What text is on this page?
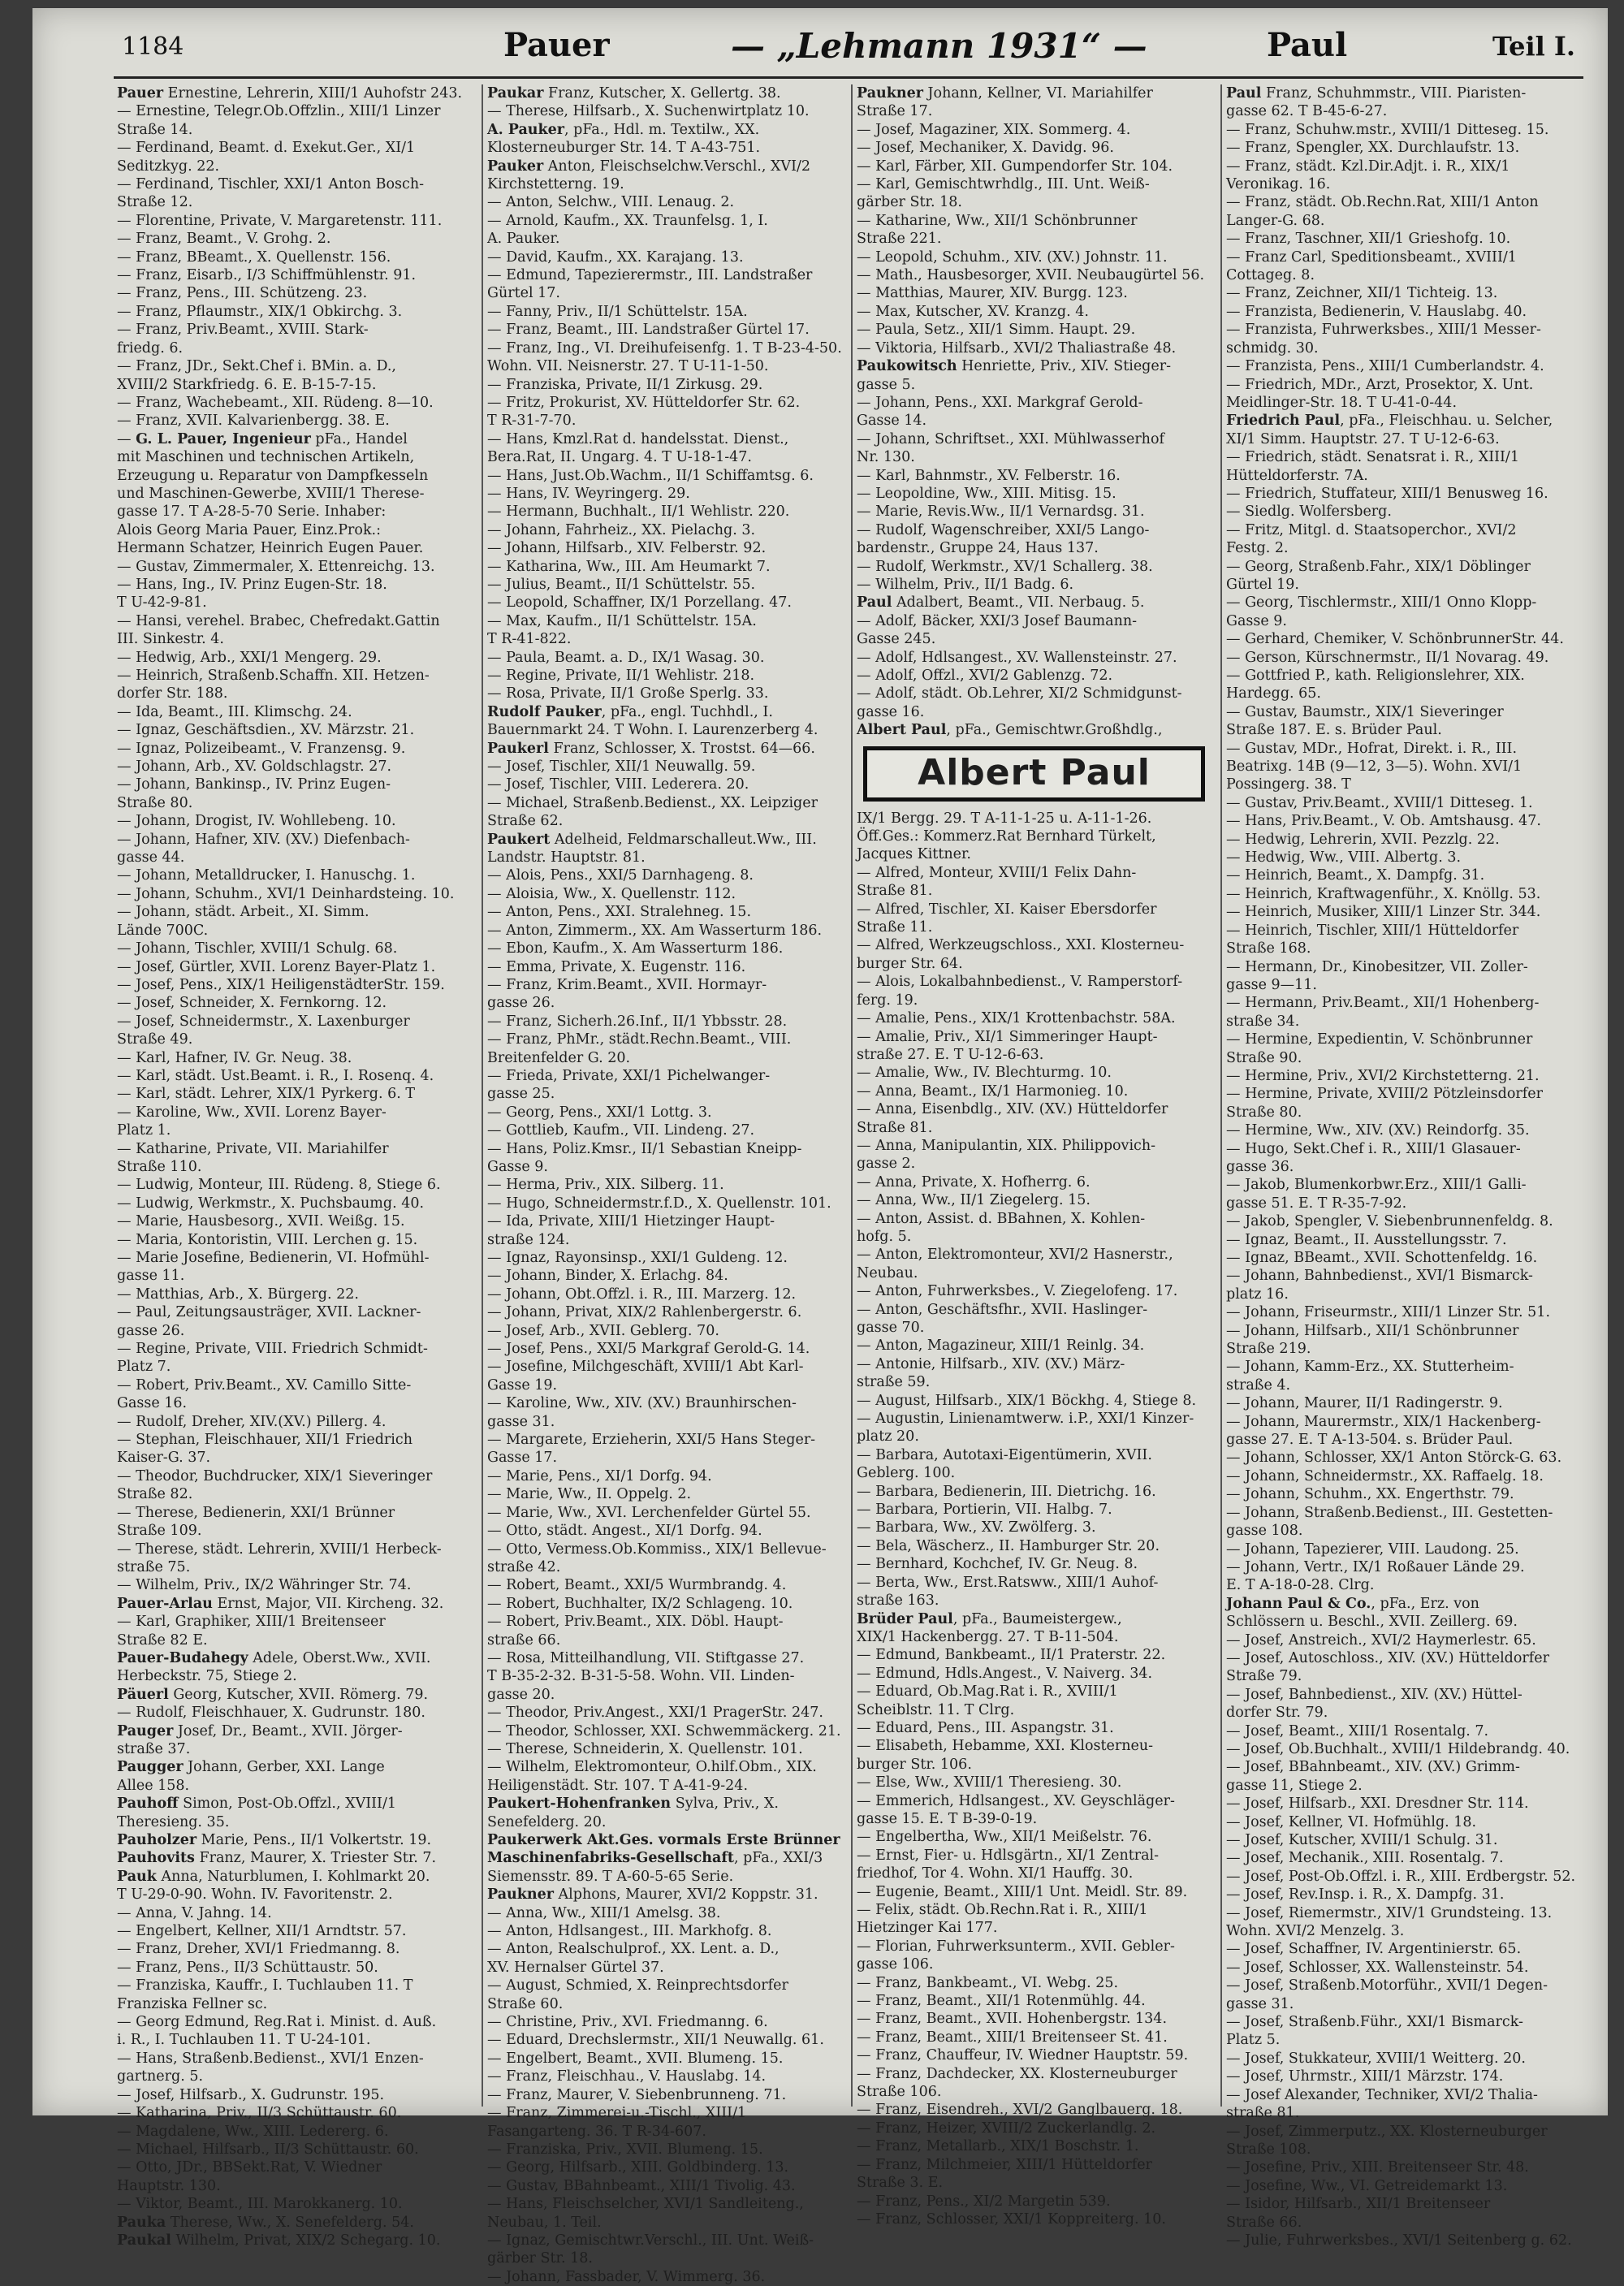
1184	Pauer	— „Lehmann 1931“ —	Paul	Teil I.
Pauer Ernestine, Lehrerin, XIII/1 Auhofstr 243.
— Ernestine, Telegr.Ob.Offzlin., XIII/1 Linzer
Straße 14.
— Ferdinand, Beamt. d. Exekut.Ger., XI/1
Seditzkyg. 22.
— Ferdinand, Tischler, XXI/1 Anton Bosch-
Straße 12.
— Florentine, Private, V. Margaretenstr. 111.
— Franz, Beamt., V. Grohg. 2.
— Franz, BBeamt., X. Quellenstr. 156.
— Franz, Eisarb., I/3 Schiffmühlenstr. 91.
— Franz, Pens., III. Schützeng. 23.
— Franz, Pflaumstr., XIX/1 Obkirchg. 3.
— Franz, Priv.Beamt., XVIII. Stark-
friedg. 6.
— Franz, JDr., Sekt.Chef i. BMin. a. D.,
XVIII/2 Starkfriedg. 6. E. B-15-7-15.
— Franz, Wachebeamt., XII. Rüdeng. 8—10.
— Franz, XVII. Kalvarienbergg. 38. E.
— G. L. Pauer, Ingenieur pFa., Handel
mit Maschinen und technischen Artikeln,
Erzeugung u. Reparatur von Dampfkesseln
und Maschinen-Gewerbe, XVIII/1 Therese-
gasse 17. T A-28-5-70 Serie. Inhaber:
Alois Georg Maria Pauer, Einz.Prok.:
Hermann Schatzer, Heinrich Eugen Pauer.
— Gustav, Zimmermaler, X. Ettenreichg. 13.
— Hans, Ing., IV. Prinz Eugen-Str. 18.
T U-42-9-81.
— Hansi, verehel. Brabec, Chefredakt.Gattin
III. Sinkestr. 4.
— Hedwig, Arb., XXI/1 Mengerg. 29.
— Heinrich, Straßenb.Schaffn. XII. Hetzen-
dorfer Str. 188.
— Ida, Beamt., III. Klimschg. 24.
— Ignaz, Geschäftsdien., XV. Märzstr. 21.
— Ignaz, Polizeibeamt., V. Franzensg. 9.
— Johann, Arb., XV. Goldschlagstr. 27.
— Johann, Bankinsp., IV. Prinz Eugen-
Straße 80.
— Johann, Drogist, IV. Wohllebeng. 10.
— Johann, Hafner, XIV. (XV.) Diefenbach-
gasse 44.
— Johann, Metalldrucker, I. Hanuschg. 1.
— Johann, Schuhm., XVI/1 Deinhardsteing. 10.
— Johann, städt. Arbeit., XI. Simm.
Lände 700C.
— Johann, Tischler, XVIII/1 Schulg. 68.
— Josef, Gürtler, XVII. Lorenz Bayer-Platz 1.
— Josef, Pens., XIX/1 HeiligenstädterStr. 159.
— Josef, Schneider, X. Fernkorng. 12.
— Josef, Schneidermstr., X. Laxenburger
Straße 49.
— Karl, Hafner, IV. Gr. Neug. 38.
— Karl, städt. Ust.Beamt. i. R., I. Rosenq. 4.
— Karl, städt. Lehrer, XIX/1 Pyrkerg. 6. T
— Karoline, Ww., XVII. Lorenz Bayer-
Platz 1.
— Katharine, Private, VII. Mariahilfer
Straße 110.
— Ludwig, Monteur, III. Rüdeng. 8, Stiege 6.
— Ludwig, Werkmstr., X. Puchsbaumg. 40.
— Marie, Hausbesorg., XVII. Weißg. 15.
— Maria, Kontoristin, VIII. Lerchen g. 15.
— Marie Josefine, Bedienerin, VI. Hofmühl-
gasse 11.
— Matthias, Arb., X. Bürgerg. 22.
— Paul, Zeitungsausträger, XVII. Lackner-
gasse 26.
— Regine, Private, VIII. Friedrich Schmidt-
Platz 7.
— Robert, Priv.Beamt., XV. Camillo Sitte-
Gasse 16.
— Rudolf, Dreher, XIV.(XV.) Pillerg. 4.
— Stephan, Fleischhauer, XII/1 Friedrich
Kaiser-G. 37.
— Theodor, Buchdrucker, XIX/1 Sieveringer
Straße 82.
— Therese, Bedienerin, XXI/1 Brünner
Straße 109.
— Therese, städt. Lehrerin, XVIII/1 Herbeck-
straße 75.
— Wilhelm, Priv., IX/2 Währinger Str. 74.
Pauer-Arlau Ernst, Major, VII. Kircheng. 32.
— Karl, Graphiker, XIII/1 Breitenseer
Straße 82 E.
Pauer-Budahegy Adele, Oberst.Ww., XVII.
Herbeckstr. 75, Stiege 2.
Päuerl Georg, Kutscher, XVII. Römerg. 79.
— Rudolf, Fleischhauer, X. Gudrunstr. 180.
Pauger Josef, Dr., Beamt., XVII. Jörger-
straße 37.
Paugger Johann, Gerber, XXI. Lange
Allee 158.
Pauhoff Simon, Post-Ob.Offzl., XVIII/1
Theresieng. 35.
Pauholzer Marie, Pens., II/1 Volkertstr. 19.
Pauhovits Franz, Maurer, X. Triester Str. 7.
Pauk Anna, Naturblumen, I. Kohlmarkt 20.
T U-29-0-90. Wohn. IV. Favoritenstr. 2.
— Anna, V. Jahng. 14.
— Engelbert, Kellner, XII/1 Arndtstr. 57.
— Franz, Dreher, XVI/1 Friedmanng. 8.
— Franz, Pens., II/3 Schüttaustr. 50.
— Franziska, Kauffr., I. Tuchlauben 11. T
Franziska Fellner sc.
— Georg Edmund, Reg.Rat i. Minist. d. Auß.
i. R., I. Tuchlauben 11. T U-24-101.
— Hans, Straßenb.Bedienst., XVI/1 Enzen-
gartnerg. 5.
— Josef, Hilfsarb., X. Gudrunstr. 195.
— Katharina, Priv., II/3 Schüttaustr. 60.
— Magdalene, Ww., XIII. Ledererg. 6.
— Michael, Hilfsarb., II/3 Schüttaustr. 60.
— Otto, JDr., BBSekt.Rat, V. Wiedner
Hauptstr. 130.
— Viktor, Beamt., III. Marokkanerg. 10.
Pauka Therese, Ww., X. Senefelderg. 54.
Paukal Wilhelm, Privat, XIX/2 Schegarg. 10.
Paukar Franz, Kutscher, X. Gellertg. 38.
— Therese, Hilfsarb., X. Suchenwirtplatz 10.
A. Pauker, pFa., Hdl. m. Textilw., XX.
Klosterneuburger Str. 14. T A-43-751.
Pauker Anton, Fleischselchw.Verschl., XVI/2
Kirchstetterng. 19.
— Anton, Selchw., VIII. Lenaug. 2.
— Arnold, Kaufm., XX. Traunfelsg. 1, I.
A. Pauker.
— David, Kaufm., XX. Karajang. 13.
— Edmund, Tapezierermstr., III. Landstraßer
Gürtel 17.
— Fanny, Priv., II/1 Schüttelstr. 15A.
— Franz, Beamt., III. Landstraßer Gürtel 17.
— Franz, Ing., VI. Dreihufeisenfg. 1. T B-23-4-50.
Wohn. VII. Neisnerstr. 27. T U-11-1-50.
— Franziska, Private, II/1 Zirkusg. 29.
— Fritz, Prokurist, XV. Hütteldorfer Str. 62.
T R-31-7-70.
— Hans, Kmzl.Rat d. handelsstat. Dienst.,
Bera.Rat, II. Ungarg. 4. T U-18-1-47.
— Hans, Just.Ob.Wachm., II/1 Schiffamtsg. 6.
— Hans, IV. Weyringerg. 29.
— Hermann, Buchhalt., II/1 Wehlistr. 220.
— Johann, Fahrheiz., XX. Pielachg. 3.
— Johann, Hilfsarb., XIV. Felberstr. 92.
— Katharina, Ww., III. Am Heumarkt 7.
— Julius, Beamt., II/1 Schüttelstr. 55.
— Leopold, Schaffner, IX/1 Porzellang. 47.
— Max, Kaufm., II/1 Schüttelstr. 15A.
T R-41-822.
— Paula, Beamt. a. D., IX/1 Wasag. 30.
— Regine, Private, II/1 Wehlistr. 218.
— Rosa, Private, II/1 Große Sperlg. 33.
Rudolf Pauker, pFa., engl. Tuchhdl., I.
Bauernmarkt 24. T Wohn. I. Laurenzerberg 4.
Paukerl Franz, Schlosser, X. Trostst. 64—66.
— Josef, Tischler, XII/1 Neuwallg. 59.
— Josef, Tischler, VIII. Lederera. 20.
— Michael, Straßenb.Bedienst., XX. Leipziger
Straße 62.
Paukert Adelheid, Feldmarschalleut.Ww., III.
Landstr. Hauptstr. 81.
— Alois, Pens., XXI/5 Darnhageng. 8.
— Aloisia, Ww., X. Quellenstr. 112.
— Anton, Pens., XXI. Stralehneg. 15.
— Anton, Zimmerm., XX. Am Wasserturm 186.
— Ebon, Kaufm., X. Am Wasserturm 186.
— Emma, Private, X. Eugenstr. 116.
— Franz, Krim.Beamt., XVII. Hormayr-
gasse 26.
— Franz, Sicherh.26.Inf., II/1 Ybbsstr. 28.
— Franz, PhMr., städt.Rechn.Beamt., VIII.
Breitenfelder G. 20.
— Frieda, Private, XXI/1 Pichelwanger-
gasse 25.
— Georg, Pens., XXI/1 Lottg. 3.
— Gottlieb, Kaufm., VII. Lindeng. 27.
— Hans, Poliz.Kmsr., II/1 Sebastian Kneipp-
Gasse 9.
— Herma, Priv., XIX. Silberg. 11.
— Hugo, Schneidermstr.f.D., X. Quellenstr. 101.
— Ida, Private, XIII/1 Hietzinger Haupt-
straße 124.
— Ignaz, Rayonsinsp., XXI/1 Guldeng. 12.
— Johann, Binder, X. Erlachg. 84.
— Johann, Obt.Offzl. i. R., III. Marzerg. 12.
— Johann, Privat, XIX/2 Rahlenbergerstr. 6.
— Josef, Arb., XVII. Geblerg. 70.
— Josef, Pens., XXI/5 Markgraf Gerold-G. 14.
— Josefine, Milchgeschäft, XVIII/1 Abt Karl-
Gasse 19.
— Karoline, Ww., XIV. (XV.) Braunhirschen-
gasse 31.
— Margarete, Erzieherin, XXI/5 Hans Steger-
Gasse 17.
— Marie, Pens., XI/1 Dorfg. 94.
— Marie, Ww., II. Oppelg. 2.
— Marie, Ww., XVI. Lerchenfelder Gürtel 55.
— Otto, städt. Angest., XI/1 Dorfg. 94.
— Otto, Vermess.Ob.Kommiss., XIX/1 Bellevue-
straße 42.
— Robert, Beamt., XXI/5 Wurmbrandg. 4.
— Robert, Buchhalter, IX/2 Schlageng. 10.
— Robert, Priv.Beamt., XIX. Döbl. Haupt-
straße 66.
— Rosa, Mitteilhandlung, VII. Stiftgasse 27.
T B-35-2-32. B-31-5-58. Wohn. VII. Linden-
gasse 20.
— Theodor, Priv.Angest., XXI/1 PragerStr. 247.
— Theodor, Schlosser, XXI. Schwemmäckerg. 21.
— Therese, Schneiderin, X. Quellenstr. 101.
— Wilhelm, Elektromonteur, O.hilf.Obm., XIX.
Heiligenstädt. Str. 107. T A-41-9-24.
Paukert-Hohenfranken Sylva, Priv., X.
Senefelderg. 20.
Paukerwerk Akt.Ges. vormals Erste Brünner
Maschinenfabriks-Gesellschaft, pFa., XXI/3
Siemensstr. 89. T A-60-5-65 Serie.
Paukner Alphons, Maurer, XVI/2 Koppstr. 31.
— Anna, Ww., XIII/1 Amelsg. 38.
— Anton, Hdlsangest., III. Markhofg. 8.
— Anton, Realschulprof., XX. Lent. a. D.,
XV. Hernalser Gürtel 37.
— August, Schmied, X. Reinprechtsdorfer
Straße 60.
— Christine, Priv., XVI. Friedmanng. 6.
— Eduard, Drechslermstr., XII/1 Neuwallg. 61.
— Engelbert, Beamt., XVII. Blumeng. 15.
— Franz, Fleischhau., V. Hauslabg. 14.
— Franz, Maurer, V. Siebenbrunneng. 71.
— Franz, Zimmerei-u.-Tischl., XIII/1
Fasangarteng. 36. T R-34-607.
— Franziska, Priv., XVII. Blumeng. 15.
— Georg, Hilfsarb., XIII. Goldbinderg. 13.
— Gustav, BBahnbeamt., XIII/1 Tivolig. 43.
— Hans, Fleischselcher, XVI/1 Sandleiteng.,
Neubau, 1. Teil.
— Ignaz, Gemischtwr.Verschl., III. Unt. Weiß-
gärber Str. 18.
— Johann, Fassbader, V. Wimmerg. 36.
Paukner Johann, Kellner, VI. Mariahilfer
Straße 17.
— Josef, Magaziner, XIX. Sommerg. 4.
— Josef, Mechaniker, X. Davidg. 96.
— Karl, Färber, XII. Gumpendorfer Str. 104.
— Karl, Gemischtwrhdlg., III. Unt. Weiß-
gärber Str. 18.
— Katharine, Ww., XII/1 Schönbrunner
Straße 221.
— Leopold, Schuhm., XIV. (XV.) Johnstr. 11.
— Math., Hausbesorger, XVII. Neubaugürtel 56.
— Matthias, Maurer, XIV. Burgg. 123.
— Max, Kutscher, XV. Kranzg. 4.
— Paula, Setz., XII/1 Simm. Haupt. 29.
— Viktoria, Hilfsarb., XVI/2 Thaliastraße 48.
Paukowitsch Henriette, Priv., XIV. Stieger-
gasse 5.
— Johann, Pens., XXI. Markgraf Gerold-
Gasse 14.
— Johann, Schriftset., XXI. Mühlwasserhof
Nr. 130.
— Karl, Bahnmstr., XV. Felberstr. 16.
— Leopoldine, Ww., XIII. Mitisg. 15.
— Marie, Revis.Ww., II/1 Vernardsg. 31.
— Rudolf, Wagenschreiber, XXI/5 Lango-
bardenstr., Gruppe 24, Haus 137.
— Rudolf, Werkmstr., XV/1 Schallerg. 38.
— Wilhelm, Priv., II/1 Badg. 6.
Paul Adalbert, Beamt., VII. Nerbaug. 5.
— Adolf, Bäcker, XXI/3 Josef Baumann-
Gasse 245.
— Adolf, Hdlsangest., XV. Wallensteinstr. 27.
— Adolf, Offzl., XVI/2 Gablenzg. 72.
— Adolf, städt. Ob.Lehrer, XI/2 Schmidgunst-
gasse 16.
Albert Paul, pFa., Gemischtwr.Großhdlg.,
Albert Paul
IX/1 Bergg. 29. T A-11-1-25 u. A-11-1-26.
Öff.Ges.: Kommerz.Rat Bernhard Türkelt,
Jacques Kittner.
— Alfred, Monteur, XVIII/1 Felix Dahn-
Straße 81.
— Alfred, Tischler, XI. Kaiser Ebersdorfer
Straße 11.
— Alfred, Werkzeugschloss., XXI. Klosterneu-
burger Str. 64.
— Alois, Lokalbahnbedienst., V. Ramperstorf-
ferg. 19.
— Amalie, Pens., XIX/1 Krottenbachstr. 58A.
— Amalie, Priv., XI/1 Simmeringer Haupt-
straße 27. E. T U-12-6-63.
— Amalie, Ww., IV. Blechturmg. 10.
— Anna, Beamt., IX/1 Harmonieg. 10.
— Anna, Eisenbdlg., XIV. (XV.) Hütteldorfer
Straße 81.
— Anna, Manipulantin, XIX. Philippovich-
gasse 2.
— Anna, Private, X. Hofherrg. 6.
— Anna, Ww., II/1 Ziegelerg. 15.
— Anton, Assist. d. BBahnen, X. Kohlen-
hofg. 5.
— Anton, Elektromonteur, XVI/2 Hasnerstr.,
Neubau.
— Anton, Fuhrwerksbes., V. Ziegelofeng. 17.
— Anton, Geschäftsfhr., XVII. Haslinger-
gasse 70.
— Anton, Magazineur, XIII/1 Reinlg. 34.
— Antonie, Hilfsarb., XIV. (XV.) März-
straße 59.
— August, Hilfsarb., XIX/1 Böckhg. 4, Stiege 8.
— Augustin, Linienamtwerw. i.P., XXI/1 Kinzer-
platz 20.
— Barbara, Autotaxi-Eigentümerin, XVII.
Geblerg. 100.
— Barbara, Bedienerin, III. Dietrichg. 16.
— Barbara, Portierin, VII. Halbg. 7.
— Barbara, Ww., XV. Zwölferg. 3.
— Bela, Wäscherz., II. Hamburger Str. 20.
— Bernhard, Kochchef, IV. Gr. Neug. 8.
— Berta, Ww., Erst.Ratsww., XIII/1 Auhof-
straße 163.
Brüder Paul, pFa., Baumeistergew.,
XIX/1 Hackenbergg. 27. T B-11-504.
— Edmund, Bankbeamt., II/1 Praterstr. 22.
— Edmund, Hdls.Angest., V. Naiverg. 34.
— Eduard, Ob.Mag.Rat i. R., XVIII/1
Scheiblstr. 11. T Clrg.
— Eduard, Pens., III. Aspangstr. 31.
— Elisabeth, Hebamme, XXI. Klosterneu-
burger Str. 106.
— Else, Ww., XVIII/1 Theresieng. 30.
— Emmerich, Hdlsangest., XV. Geyschläger-
gasse 15. E. T B-39-0-19.
— Engelbertha, Ww., XII/1 Meißelstr. 76.
— Ernst, Fier- u. Hdlsgärtn., XI/1 Zentral-
friedhof, Tor 4. Wohn. XI/1 Hauffg. 30.
— Eugenie, Beamt., XIII/1 Unt. Meidl. Str. 89.
— Felix, städt. Ob.Rechn.Rat i. R., XIII/1
Hietzinger Kai 177.
— Florian, Fuhrwerksunterm., XVII. Gebler-
gasse 106.
— Franz, Bankbeamt., VI. Webg. 25.
— Franz, Beamt., XII/1 Rotenmühlg. 44.
— Franz, Beamt., XVII. Hohenbergstr. 134.
— Franz, Beamt., XIII/1 Breitenseer St. 41.
— Franz, Chauffeur, IV. Wiedner Hauptstr. 59.
— Franz, Dachdecker, XX. Klosterneuburger
Straße 106.
— Franz, Eisendreh., XVI/2 Ganglbauerg. 18.
— Franz, Heizer, XVIII/2 Zuckerlandlg. 2.
— Franz, Metallarb., XIX/1 Boschstr. 1.
— Franz, Milchmeier, XIII/1 Hütteldorfer
Straße 3. E.
— Franz, Pens., XI/2 Margetin 539.
— Franz, Schlosser, XXI/1 Koppreiterg. 10.
Paul Franz, Schuhmmstr., VIII. Piaristen-
gasse 62. T B-45-6-27.
— Franz, Schuhw.mstr., XVIII/1 Ditteseg. 15.
— Franz, Spengler, XX. Durchlaufstr. 13.
— Franz, städt. Kzl.Dir.Adjt. i. R., XIX/1
Veronikag. 16.
— Franz, städt. Ob.Rechn.Rat, XIII/1 Anton
Langer-G. 68.
— Franz, Taschner, XII/1 Grieshofg. 10.
— Franz Carl, Speditionsbeamt., XVIII/1
Cottageg. 8.
— Franz, Zeichner, XII/1 Tichteig. 13.
— Franzista, Bedienerin, V. Hauslabg. 40.
— Franzista, Fuhrwerksbes., XIII/1 Messer-
schmidg. 30.
— Franzista, Pens., XIII/1 Cumberlandstr. 4.
— Friedrich, MDr., Arzt, Prosektor, X. Unt.
Meidlinger-Str. 18. T U-41-0-44.
Friedrich Paul, pFa., Fleischhau. u. Selcher,
XI/1 Simm. Hauptstr. 27. T U-12-6-63.
— Friedrich, städt. Senatsrat i. R., XIII/1
Hütteldorferstr. 7A.
— Friedrich, Stuffateur, XIII/1 Benusweg 16.
— Siedlg. Wolfersberg.
— Fritz, Mitgl. d. Staatsoperchor., XVI/2
Festg. 2.
— Georg, Straßenb.Fahr., XIX/1 Döblinger
Gürtel 19.
— Georg, Tischlermstr., XIII/1 Onno Klopp-
Gasse 9.
— Gerhard, Chemiker, V. SchönbrunnerStr. 44.
— Gerson, Kürschnermstr., II/1 Novarag. 49.
— Gottfried P., kath. Religionslehrer, XIX.
Hardegg. 65.
— Gustav, Baumstr., XIX/1 Sieveringer
Straße 187. E. s. Brüder Paul.
— Gustav, MDr., Hofrat, Direkt. i. R., III.
Beatrixg. 14B (9—12, 3—5). Wohn. XVI/1
Possingerg. 38. T
— Gustav, Priv.Beamt., XVIII/1 Ditteseg. 1.
— Hans, Priv.Beamt., V. Ob. Amtshausg. 47.
— Hedwig, Lehrerin, XVII. Pezzlg. 22.
— Hedwig, Ww., VIII. Albertg. 3.
— Heinrich, Beamt., X. Dampfg. 31.
— Heinrich, Kraftwagenführ., X. Knöllg. 53.
— Heinrich, Musiker, XIII/1 Linzer Str. 344.
— Heinrich, Tischler, XIII/1 Hütteldorfer
Straße 168.
— Hermann, Dr., Kinobesitzer, VII. Zoller-
gasse 9—11.
— Hermann, Priv.Beamt., XII/1 Hohenberg-
straße 34.
— Hermine, Expedientin, V. Schönbrunner
Straße 90.
— Hermine, Priv., XVI/2 Kirchstetterng. 21.
— Hermine, Private, XVIII/2 Pötzleinsdorfer
Straße 80.
— Hermine, Ww., XIV. (XV.) Reindorfg. 35.
— Hugo, Sekt.Chef i. R., XIII/1 Glasauer-
gasse 36.
— Jakob, Blumenkorbwr.Erz., XIII/1 Galli-
gasse 51. E. T R-35-7-92.
— Jakob, Spengler, V. Siebenbrunnenfeldg. 8.
— Ignaz, Beamt., II. Ausstellungsstr. 7.
— Ignaz, BBeamt., XVII. Schottenfeldg. 16.
— Johann, Bahnbedienst., XVI/1 Bismarck-
platz 16.
— Johann, Friseurmstr., XIII/1 Linzer Str. 51.
— Johann, Hilfsarb., XII/1 Schönbrunner
Straße 219.
— Johann, Kamm-Erz., XX. Stutterheim-
straße 4.
— Johann, Maurer, II/1 Radingerstr. 9.
— Johann, Maurermstr., XIX/1 Hackenberg-
gasse 27. E. T A-13-504. s. Brüder Paul.
— Johann, Schlosser, XX/1 Anton Störck-G. 63.
— Johann, Schneidermstr., XX. Raffaelg. 18.
— Johann, Schuhm., XX. Engerthstr. 79.
— Johann, Straßenb.Bedienst., III. Gestetten-
gasse 108.
— Johann, Tapezierer, VIII. Laudong. 25.
— Johann, Vertr., IX/1 Roßauer Lände 29.
E. T A-18-0-28. Clrg.
Johann Paul & Co., pFa., Erz. von
Schlössern u. Beschl., XVII. Zeillerg. 69.
— Josef, Anstreich., XVI/2 Haymerlestr. 65.
— Josef, Autoschloss., XIV. (XV.) Hütteldorfer
Straße 79.
— Josef, Bahnbedienst., XIV. (XV.) Hüttel-
dorfer Str. 79.
— Josef, Beamt., XIII/1 Rosentalg. 7.
— Josef, Ob.Buchhalt., XVIII/1 Hildebrandg. 40.
— Josef, BBahnbeamt., XIV. (XV.) Grimm-
gasse 11, Stiege 2.
— Josef, Hilfsarb., XXI. Dresdner Str. 114.
— Josef, Kellner, VI. Hofmühlg. 18.
— Josef, Kutscher, XVIII/1 Schulg. 31.
— Josef, Mechanik., XIII. Rosentalg. 7.
— Josef, Post-Ob.Offzl. i. R., XIII. Erdbergstr. 52.
— Josef, Rev.Insp. i. R., X. Dampfg. 31.
— Josef, Riemermstr., XIV/1 Grundsteing. 13.
Wohn. XVI/2 Menzelg. 3.
— Josef, Schaffner, IV. Argentinierstr. 65.
— Josef, Schlosser, XX. Wallensteinstr. 54.
— Josef, Straßenb.Motorführ., XVII/1 Degen-
gasse 31.
— Josef, Straßenb.Führ., XXI/1 Bismarck-
Platz 5.
— Josef, Stukkateur, XVIII/1 Weitterg. 20.
— Josef, Uhrmstr., XIII/1 Märzstr. 174.
— Josef Alexander, Techniker, XVI/2 Thalia-
straße 81.
— Josef, Zimmerputz., XX. Klosterneuburger
Straße 108.
— Josefine, Priv., XIII. Breitenseer Str. 48.
— Josefine, Ww., VI. Getreidemarkt 13.
— Isidor, Hilfsarb., XII/1 Breitenseer
Straße 66.
— Julie, Fuhrwerksbes., XVI/1 Seitenberg g. 62.
